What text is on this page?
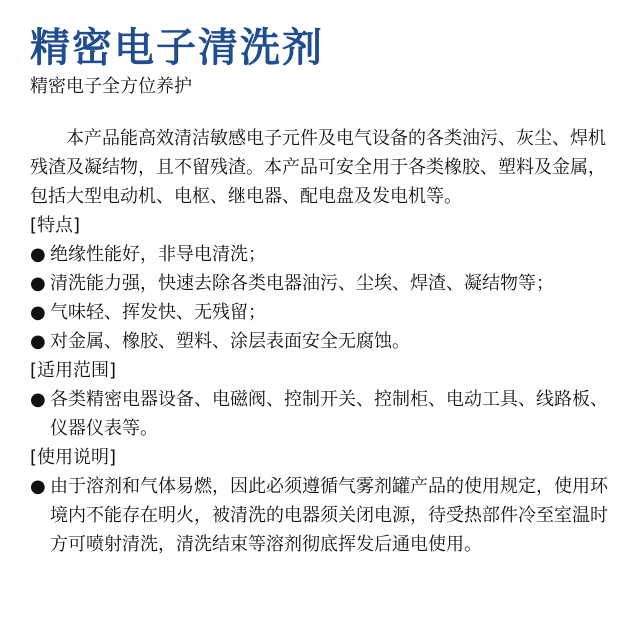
精密电子清洗剂
精密电子全方位养护

本产品能高效清洁敏感电子元件及电气设备的各类油污、灰尘、焊机残渣及凝结物，且不留残渣。本产品可安全用于各类橡胶、塑料及金属，包括大型电动机、电枢、继电器、配电盘及发电机等。

[特点]

● 绝缘性能好，非导电清洗；
● 清洗能力强，快速去除各类电器油污、尘埃、焊渣、凝结物等；
● 气味轻、挥发快、无残留；
● 对金属、橡胶、塑料、涂层表面安全无腐蚀。

[适用范围]

● 各类精密电器设备、电磁阀、控制开关、控制柜、电动工具、线路板、仪器仪表等。

[使用说明]

● 由于溶剂和气体易燃，因此必须遵循气雾剂罐产品的使用规定，使用环境内不能存在明火，被清洗的电器须关闭电源，待受热部件冷至室温时方可喷射清洗，清洗结束等溶剂彻底挥发后通电使用。
